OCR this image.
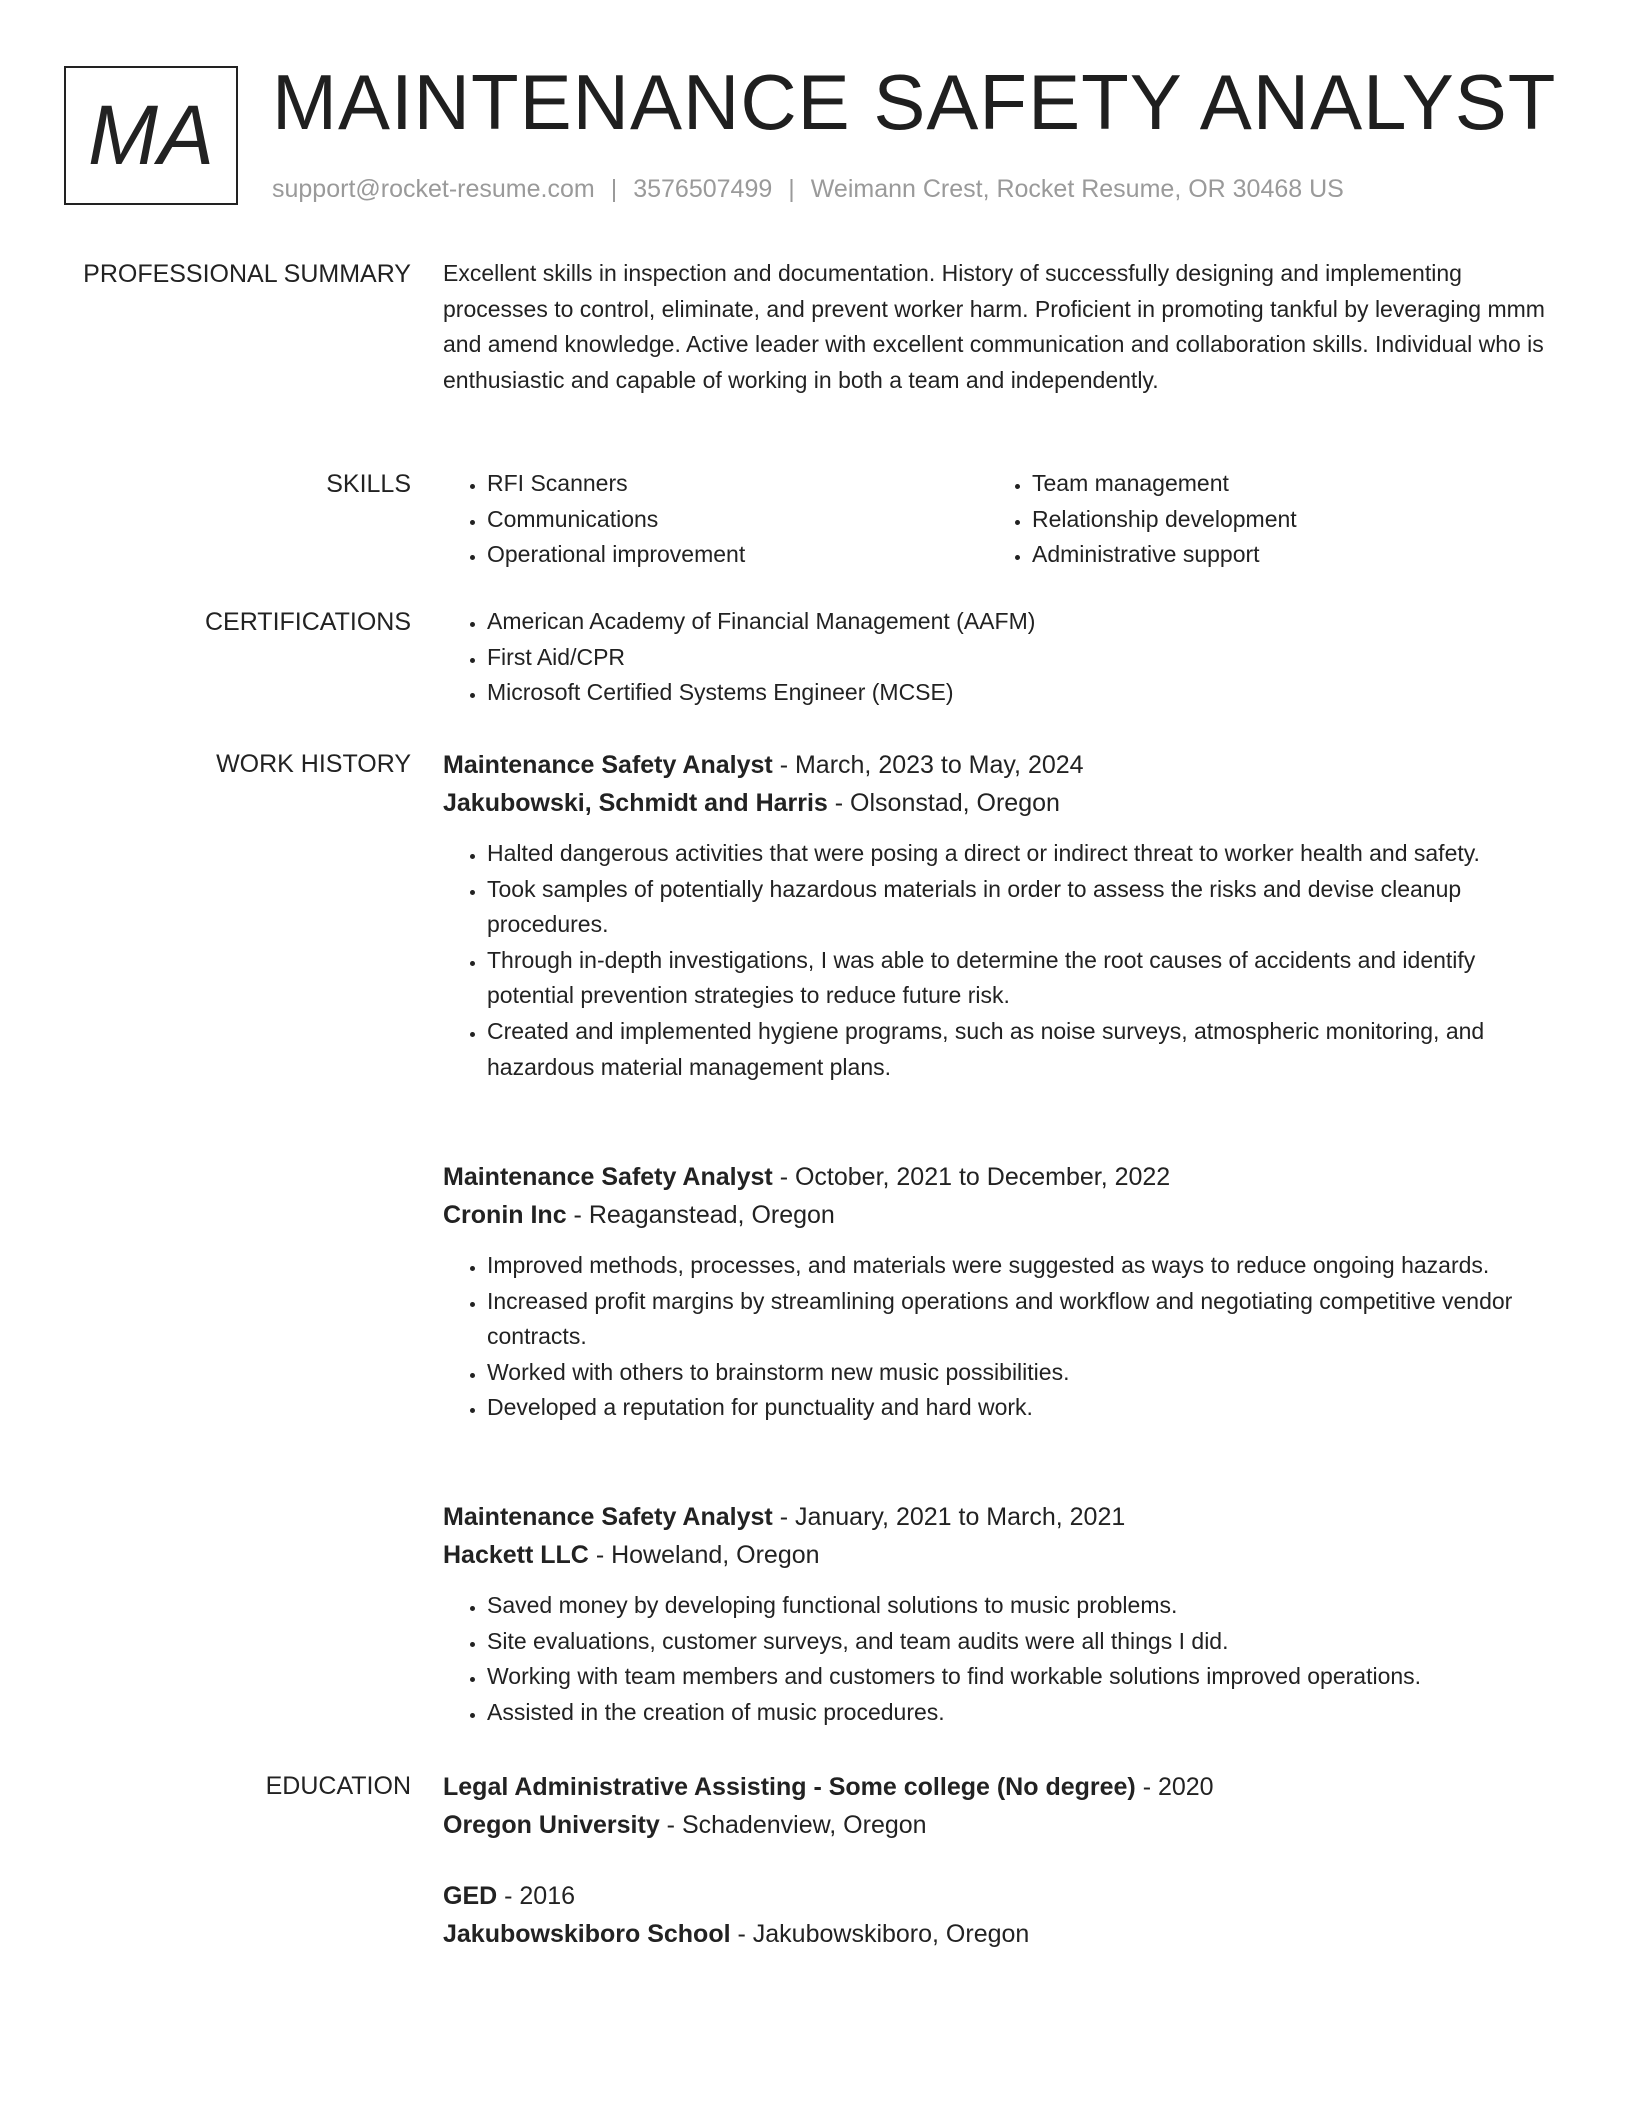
MA MAINTENANCE SAFETY ANALYST
support@rocket-resume.com | 3576507499 | Weimann Crest, Rocket Resume, OR 30468 US
PROFESSIONAL SUMMARY Excellent skills in inspection and documentation. History of successfully designing and implementing processes to control, eliminate, and prevent worker harm. Proficient in promoting tankful by leveraging mmm and amend knowledge. Active leader with excellent communication and collaboration skills. Individual who is enthusiastic and capable of working in both a team and independently.

SKILLS	• RFI Scanners
• Communications
• Operational improvement
• Team management
• Relationship development
• Administrative support
CERTIFICATIONS	• American Academy of Financial Management (AAFM)
• First Aid/CPR
• Microsoft Certified Systems Engineer (MCSE)
WORK HISTORY Maintenance Safety Analyst - March, 2023 to May, 2024
Jakubowski, Schmidt and Harris - Olsonstad, Oregon
• Halted dangerous activities that were posing a direct or indirect threat to worker health and safety.
• Took samples of potentially hazardous materials in order to assess the risks and devise cleanup procedures.
• Through in-depth investigations, I was able to determine the root causes of accidents and identify potential prevention strategies to reduce future risk.
• Created and implemented hygiene programs, such as noise surveys, atmospheric monitoring, and hazardous material management plans.
Maintenance Safety Analyst - October, 2021 to December, 2022
Cronin Inc - Reaganstead, Oregon
• Improved methods, processes, and materials were suggested as ways to reduce ongoing hazards.
• Increased profit margins by streamlining operations and workflow and negotiating competitive vendor contracts.
• Worked with others to brainstorm new music possibilities.
• Developed a reputation for punctuality and hard work.
Maintenance Safety Analyst - January, 2021 to March, 2021
Hackett LLC - Howeland, Oregon
• Saved money by developing functional solutions to music problems.
• Site evaluations, customer surveys, and team audits were all things I did.
• Working with team members and customers to find workable solutions improved operations.
• Assisted in the creation of music procedures.
EDUCATION Legal Administrative Assisting - Some college (No degree) - 2020
Oregon University - Schadenview, Oregon
GED - 2016
Jakubowskiboro School - Jakubowskiboro, Oregon
